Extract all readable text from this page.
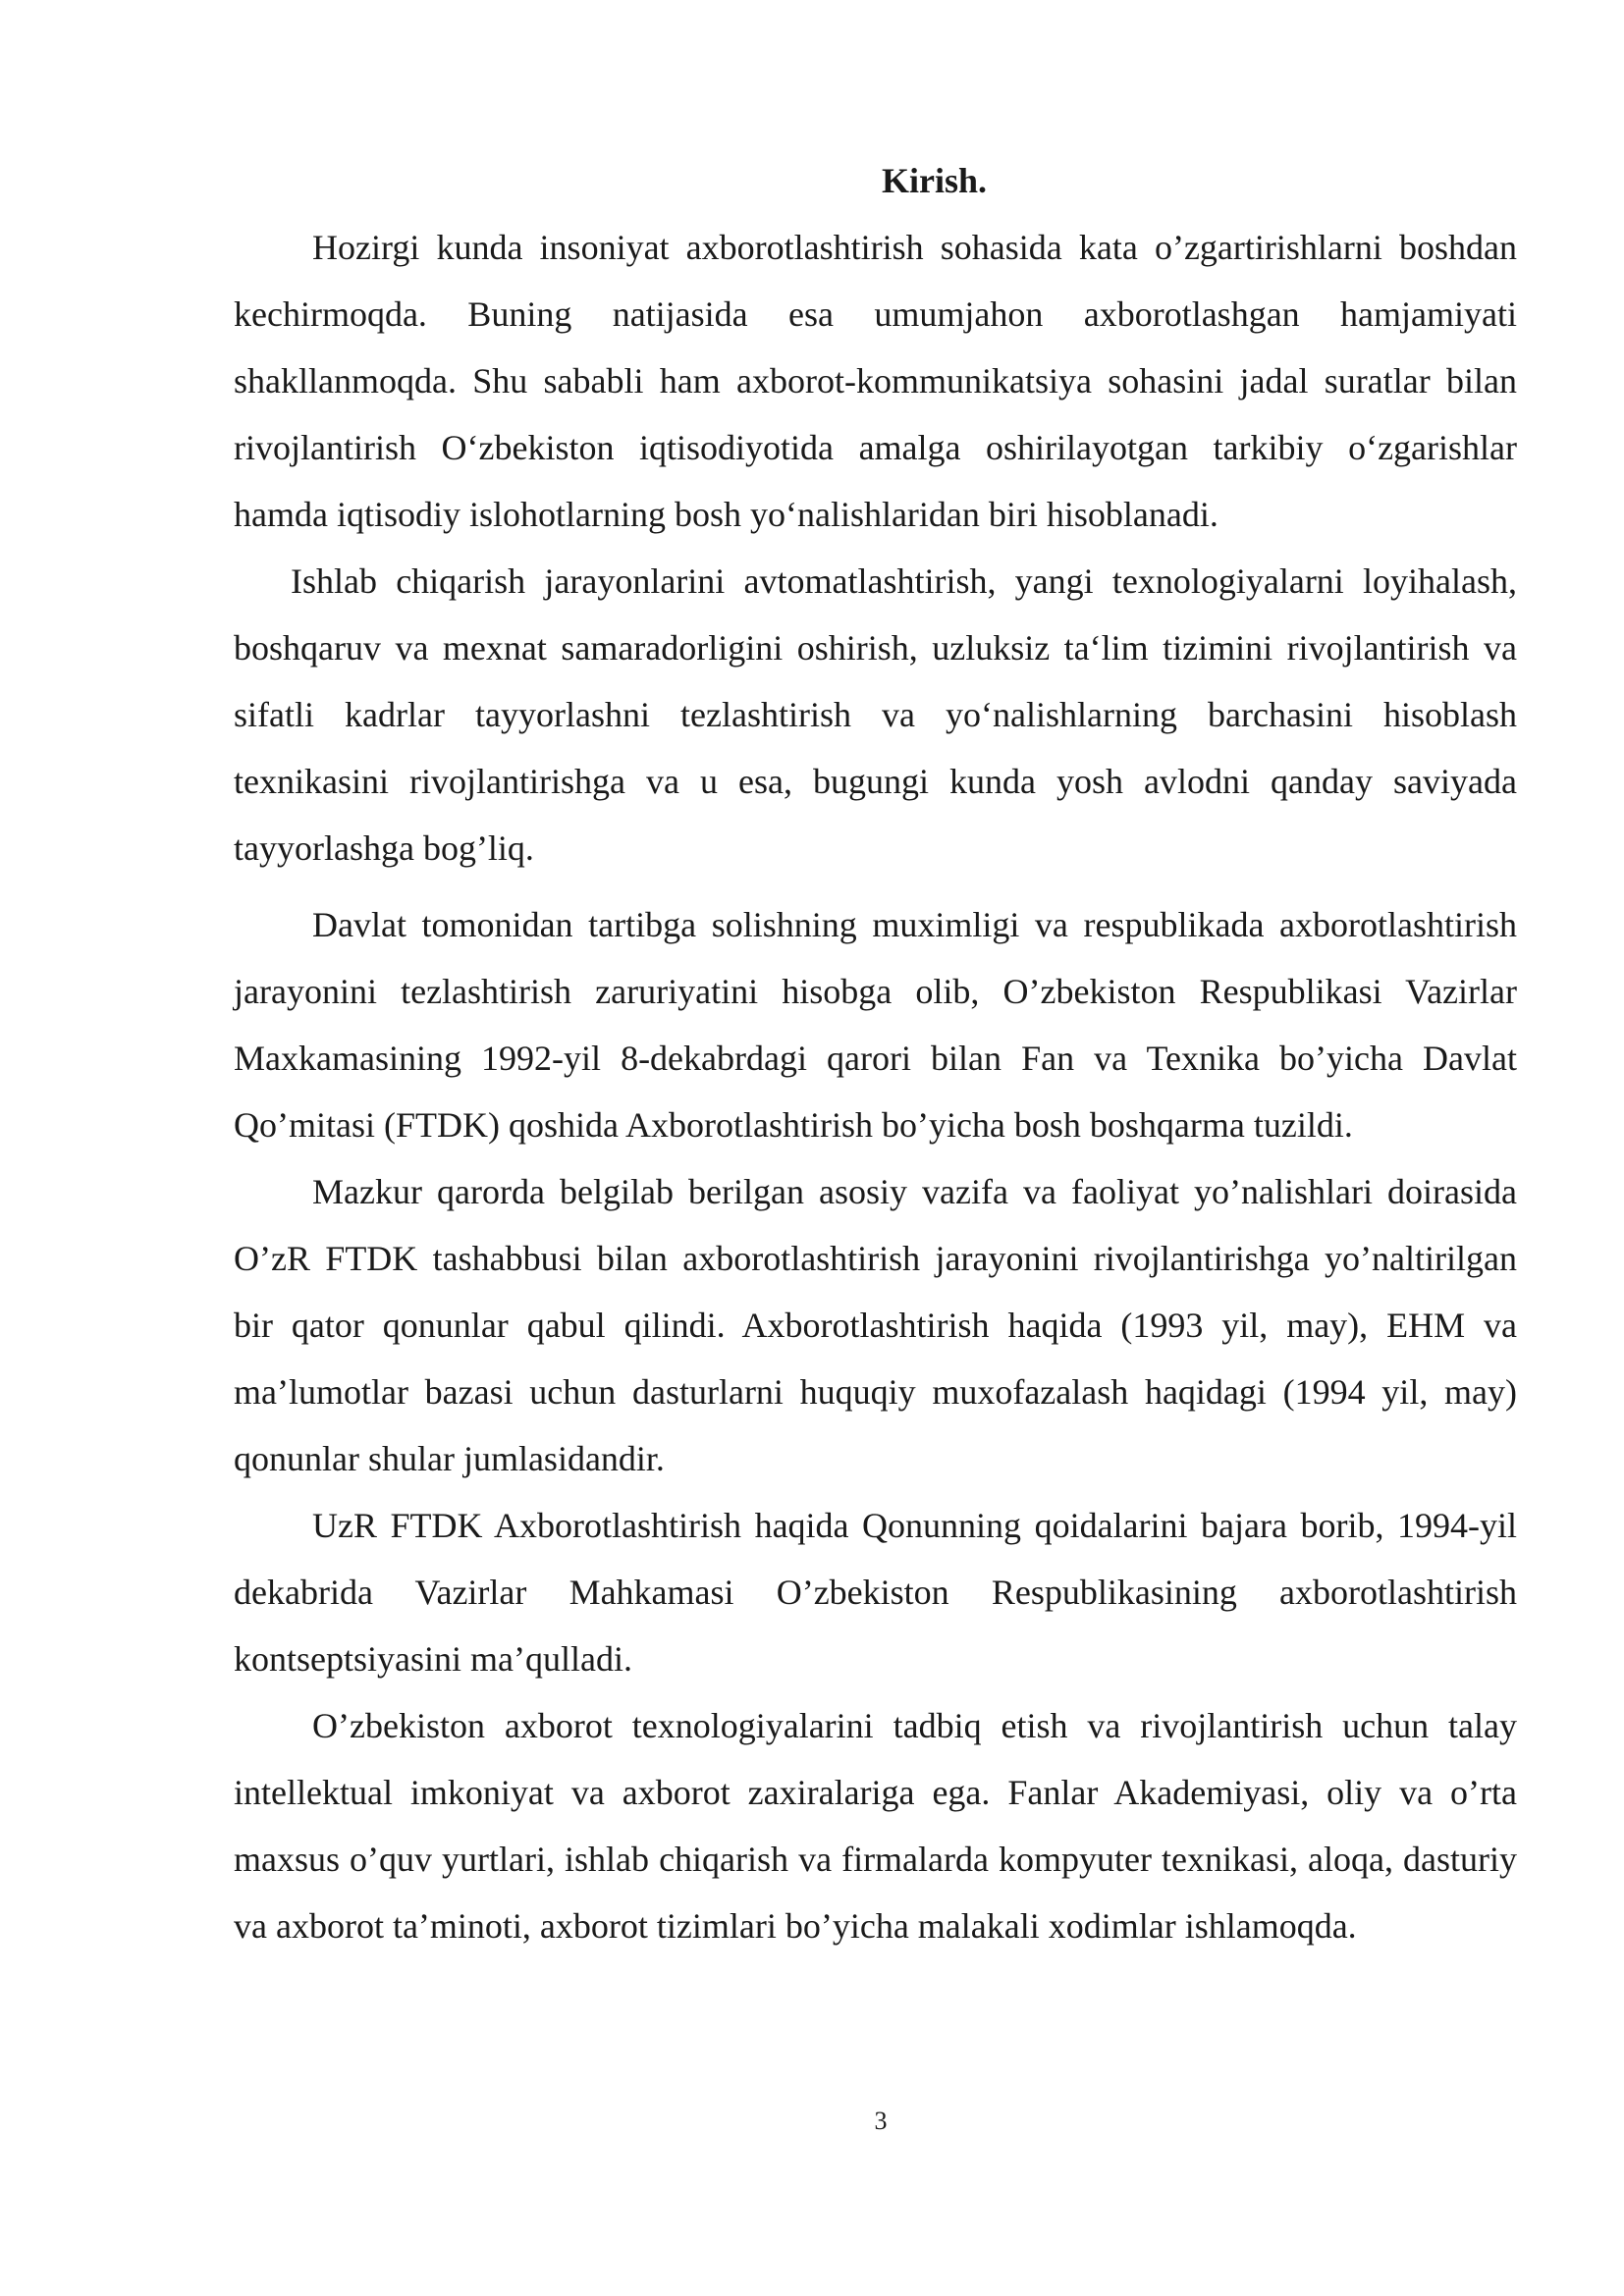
Kirish.

Hozirgi kunda insoniyat axborotlashtirish sohasida kata o’zgartirishlarni boshdan kechirmoqda. Buning natijasida esa umumjahon axborotlashgan hamjamiyati shakllanmoqda. Shu sababli ham axborot-kommunikatsiya sohasini jadal suratlar bilan rivojlantirish O‘zbekiston iqtisodiyotida amalga oshirilayotgan tarkibiy o‘zgarishlar hamda iqtisodiy islohotlarning bosh yo‘nalishlaridan biri hisoblanadi.

Ishlab chiqarish jarayonlarini avtomatlashtirish, yangi texnologiyalarni loyihalash, boshqaruv va mexnat samaradorligini oshirish, uzluksiz ta‘lim tizimini rivojlantirish va sifatli kadrlar tayyorlashni tezlashtirish va yo‘nalishlarning barchasini hisoblash texnikasini rivojlantirishga va u esa, bugungi kunda yosh avlodni qanday saviyada tayyorlashga bog’liq.

Davlat tomonidan tartibga solishning muximligi va respublikada axborotlashtirish jarayonini tezlashtirish zaruriyatini hisobga olib, O’zbekiston Respublikasi Vazirlar Maxkamasining 1992-yil 8-dekabrdagi qarori bilan Fan va Texnika bo’yicha Davlat Qo’mitasi (FTDK) qoshida Axborotlashtirish bo’yicha bosh boshqarma tuzildi.

Mazkur qarorda belgilab berilgan asosiy vazifa va faoliyat yo’nalishlari doirasida O’zR FTDK tashabbusi bilan axborotlashtirish jarayonini rivojlantirishga yo’naltirilgan bir qator qonunlar qabul qilindi. Axborotlashtirish haqida (1993 yil, may), EHM va ma’lumotlar bazasi uchun dasturlarni huquqiy muxofazalash haqidagi (1994 yil, may) qonunlar shular jumlasidandir.

UzR FTDK Axborotlashtirish haqida Qonunning qoidalarini bajara borib, 1994-yil dekabrida Vazirlar Mahkamasi O’zbekiston Respublikasining axborotlashtirish kontseptsiyasini ma’qulladi.

O’zbekiston axborot texnologiyalarini tadbiq etish va rivojlantirish uchun talay intellektual imkoniyat va axborot zaxiralariga ega. Fanlar Akademiyasi, oliy va o’rta maxsus o’quv yurtlari, ishlab chiqarish va firmalarda kompyuter texnikasi, aloqa, dasturiy va axborot ta’minoti, axborot tizimlari bo’yicha malakali xodimlar ishlamoqda.

3
